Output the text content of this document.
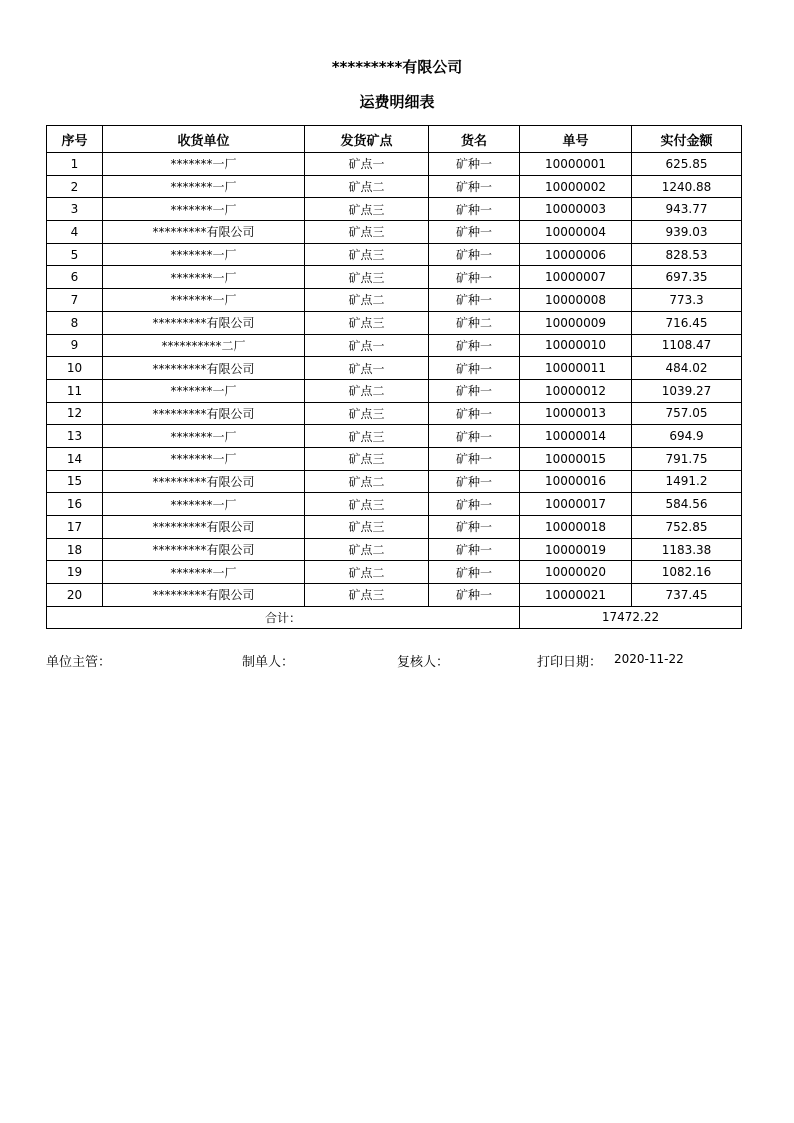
*********有限公司
运费明细表
序号	收货单位	发货矿点	货名	单号	实付金额
1	*******一厂	矿点一	矿种一	10000001	625.85
2	*******一厂	矿点二	矿种一	10000002	1240.88
3	*******一厂	矿点三	矿种一	10000003	943.77
4	*********有限公司	矿点三	矿种一	10000004	939.03
5	*******一厂	矿点三	矿种一	10000006	828.53
6	*******一厂	矿点三	矿种一	10000007	697.35
7	*******一厂	矿点二	矿种一	10000008	773.3
8	*********有限公司	矿点三	矿种二	10000009	716.45
9	**********二厂	矿点一	矿种一	10000010	1108.47
10	*********有限公司	矿点一	矿种一	10000011	484.02
11	*******一厂	矿点二	矿种一	10000012	1039.27
12	*********有限公司	矿点三	矿种一	10000013	757.05
13	*******一厂	矿点三	矿种一	10000014	694.9
14	*******一厂	矿点三	矿种一	10000015	791.75
15	*********有限公司	矿点二	矿种一	10000016	1491.2
16	*******一厂	矿点三	矿种一	10000017	584.56
17	*********有限公司	矿点三	矿种一	10000018	752.85
18	*********有限公司	矿点二	矿种一	10000019	1183.38
19	*******一厂	矿点二	矿种一	10000020	1082.16
20	*********有限公司	矿点三	矿种一	10000021	737.45
合计：				17472.22	
单位主管：	制单人：	复核人：	打印日期： 2020-11-22
